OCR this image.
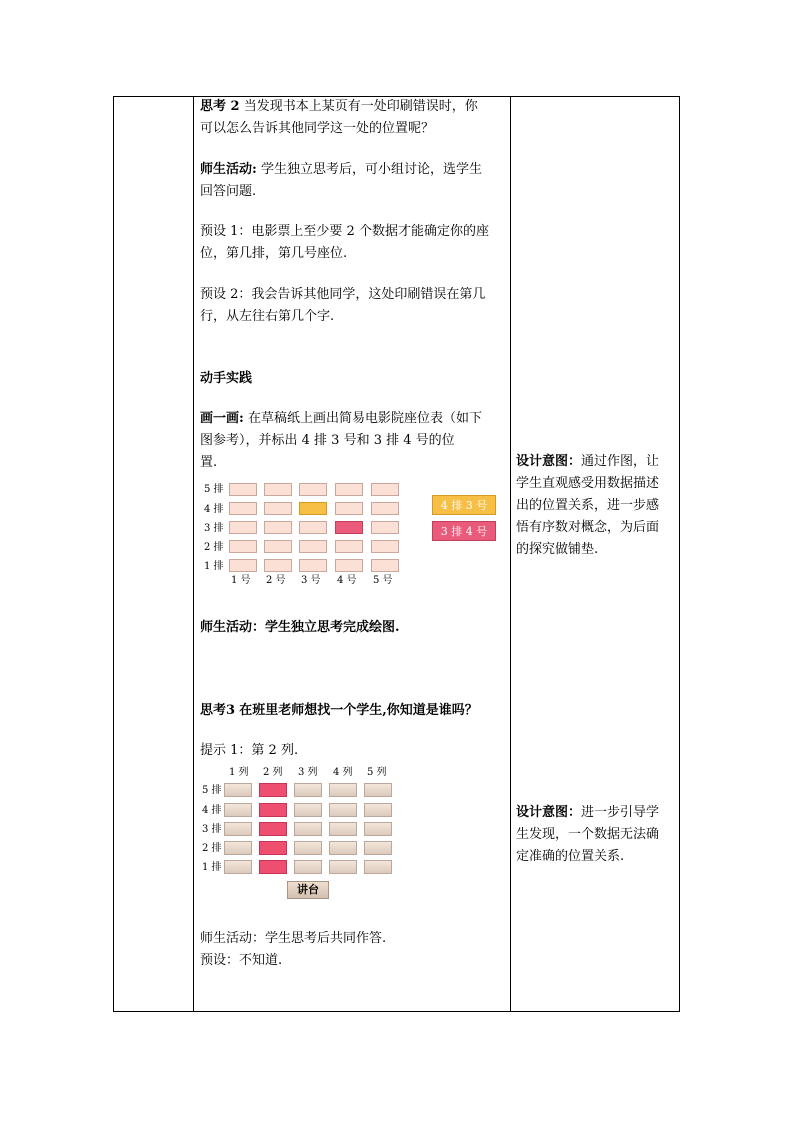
思考 2 当发现书本上某页有一处印刷错误时，你

可以怎么告诉其他同学这一处的位置呢？

师生活动: 学生独立思考后，可小组讨论，选学生

回答问题.

预设 1：电影票上至少要 2 个数据才能确定你的座

位，第几排，第几号座位.

预设 2：我会告诉其他同学，这处印刷错误在第几

行，从左往右第几个字.

动手实践

画一画: 在草稿纸上画出简易电影院座位表（如下

图参考），并标出 4 排 3 号和 3 排 4 号的位

置.

5 排
4 排
3 排
2 排
1 排
1 号 2 号 3 号 4 号 5 号
4 排 3 号
3 排 4 号
师生活动：学生独立思考完成绘图.

思考3 在班里老师想找一个学生,你知道是谁吗？

提示 1：第 2 列.
1 列 2 列 3 列 4 列 5 列
5 排
4 排
3 排
2 排
1 排
讲台

师生活动：学生思考后共同作答.

预设：不知道.

设计意图：通过作图，让
学生直观感受用数据描述
出的位置关系，进一步感
悟有序数对概念，为后面
的探究做铺垫.
设计意图：进一步引导学
生发现，一个数据无法确
定准确的位置关系.
